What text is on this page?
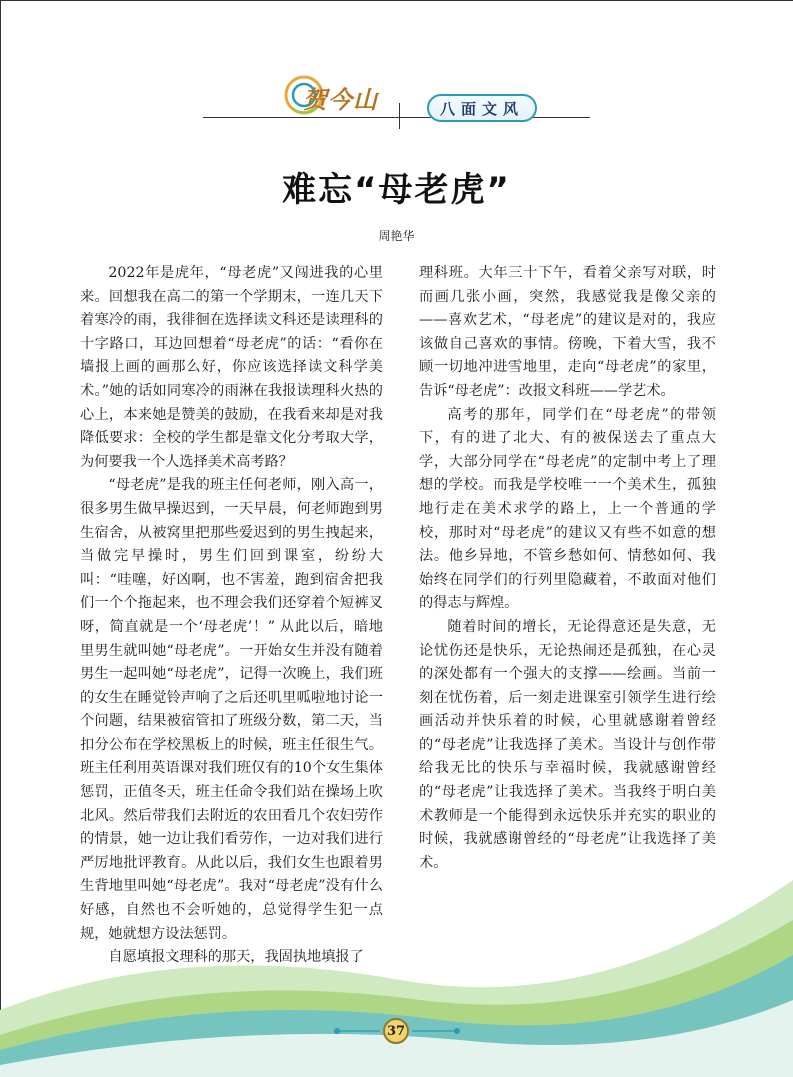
贺今山	八面文风
难忘“母老虎”
周艳华

2022年是虎年，“母老虎”又闯进我的心里来。回想我在高二的第一个学期末，一连几天下着寒冷的雨，我徘徊在选择读文科还是读理科的十字路口，耳边回想着“母老虎”的话：“看你在墙报上画的画那么好，你应该选择读文科学美术。”她的话如同寒冷的雨淋在我报读理科火热的心上，本来她是赞美的鼓励，在我看来却是对我降低要求：全校的学生都是靠文化分考取大学，为何要我一个人选择美术高考路？

“母老虎”是我的班主任何老师，刚入高一，很多男生做早操迟到，一天早晨，何老师跑到男生宿舍，从被窝里把那些爱迟到的男生拽起来，当做完早操时，男生们回到课室，纷纷大叫：“哇噻，好凶啊，也不害羞，跑到宿舍把我们一个个拖起来，也不理会我们还穿着个短裤叉呀，简直就是一个‘母老虎’！” 从此以后，暗地里男生就叫她“母老虎”。一开始女生并没有随着男生一起叫她“母老虎”，记得一次晚上，我们班的女生在睡觉铃声响了之后还叽里呱啦地讨论一个问题，结果被宿管扣了班级分数，第二天，当扣分公布在学校黑板上的时候，班主任很生气。班主任利用英语课对我们班仅有的10个女生集体惩罚，正值冬天，班主任命令我们站在操场上吹北风。然后带我们去附近的农田看几个农妇劳作的情景，她一边让我们看劳作，一边对我们进行严厉地批评教育。从此以后，我们女生也跟着男生背地里叫她“母老虎”。我对“母老虎”没有什么好感，自然也不会听她的，总觉得学生犯一点规，她就想方设法惩罚。

自愿填报文理科的那天，我固执地填报了

理科班。大年三十下午，看着父亲写对联，时而画几张小画，突然，我感觉我是像父亲的——喜欢艺术，“母老虎”的建议是对的，我应该做自己喜欢的事情。傍晚，下着大雪，我不顾一切地冲进雪地里，走向“母老虎”的家里，告诉“母老虎”：改报文科班——学艺术。

高考的那年，同学们在“母老虎”的带领下，有的进了北大、有的被保送去了重点大学，大部分同学在“母老虎”的定制中考上了理想的学校。而我是学校唯一一个美术生，孤独地行走在美术求学的路上，上一个普通的学校，那时对“母老虎”的建议又有些不如意的想法。他乡异地，不管乡愁如何、情愁如何、我始终在同学们的行列里隐藏着，不敢面对他们的得志与辉煌。

随着时间的增长，无论得意还是失意，无论忧伤还是快乐，无论热闹还是孤独，在心灵的深处都有一个强大的支撑——绘画。当前一刻在忧伤着，后一刻走进课室引领学生进行绘画活动并快乐着的时候，心里就感谢着曾经的“母老虎”让我选择了美术。当设计与创作带给我无比的快乐与幸福时候，我就感谢曾经的“母老虎”让我选择了美术。当我终于明白美术教师是一个能得到永远快乐并充实的职业的时候，我就感谢曾经的“母老虎”让我选择了美术。

37
